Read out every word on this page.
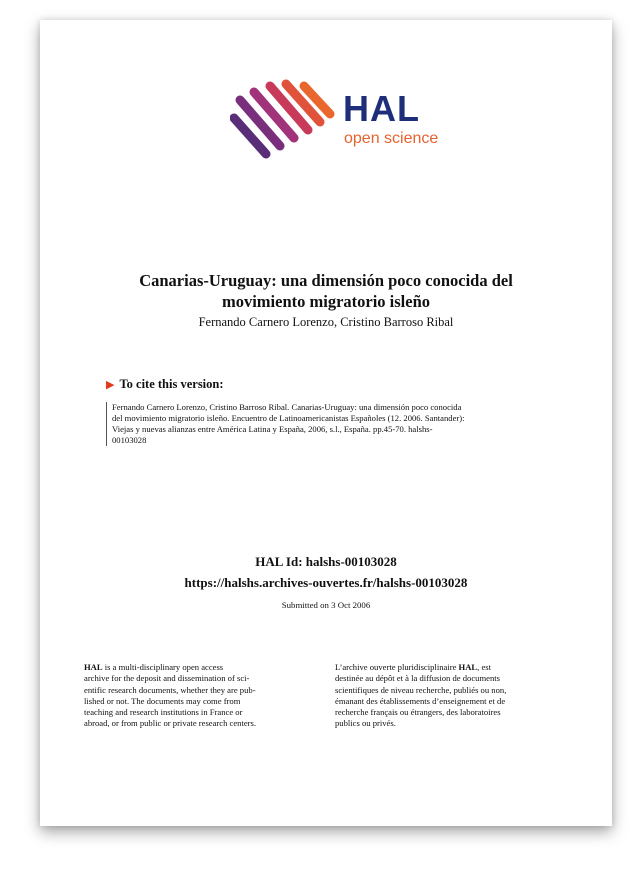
HAL
open science
Canarias-Uruguay: una dimensión poco conocida del
movimiento migratorio isleño
Fernando Carnero Lorenzo, Cristino Barroso Ribal
▶ To cite this version:
Fernando Carnero Lorenzo, Cristino Barroso Ribal. Canarias-Uruguay: una dimensión poco conocida
del movimiento migratorio isleño. Encuentro de Latinoamericanistas Españoles (12. 2006. Santander):
Viejas y nuevas alianzas entre América Latina y España, 2006, s.l., España. pp.45-70. halshs-
00103028
HAL Id: halshs-00103028
https://halshs.archives-ouvertes.fr/halshs-00103028
Submitted on 3 Oct 2006
HAL is a multi-disciplinary open access
archive for the deposit and dissemination of sci-
entific research documents, whether they are pub-
lished or not. The documents may come from
teaching and research institutions in France or
abroad, or from public or private research centers.
L’archive ouverte pluridisciplinaire HAL, est
destinée au dépôt et à la diffusion de documents
scientifiques de niveau recherche, publiés ou non,
émanant des établissements d’enseignement et de
recherche français ou étrangers, des laboratoires
publics ou privés.
